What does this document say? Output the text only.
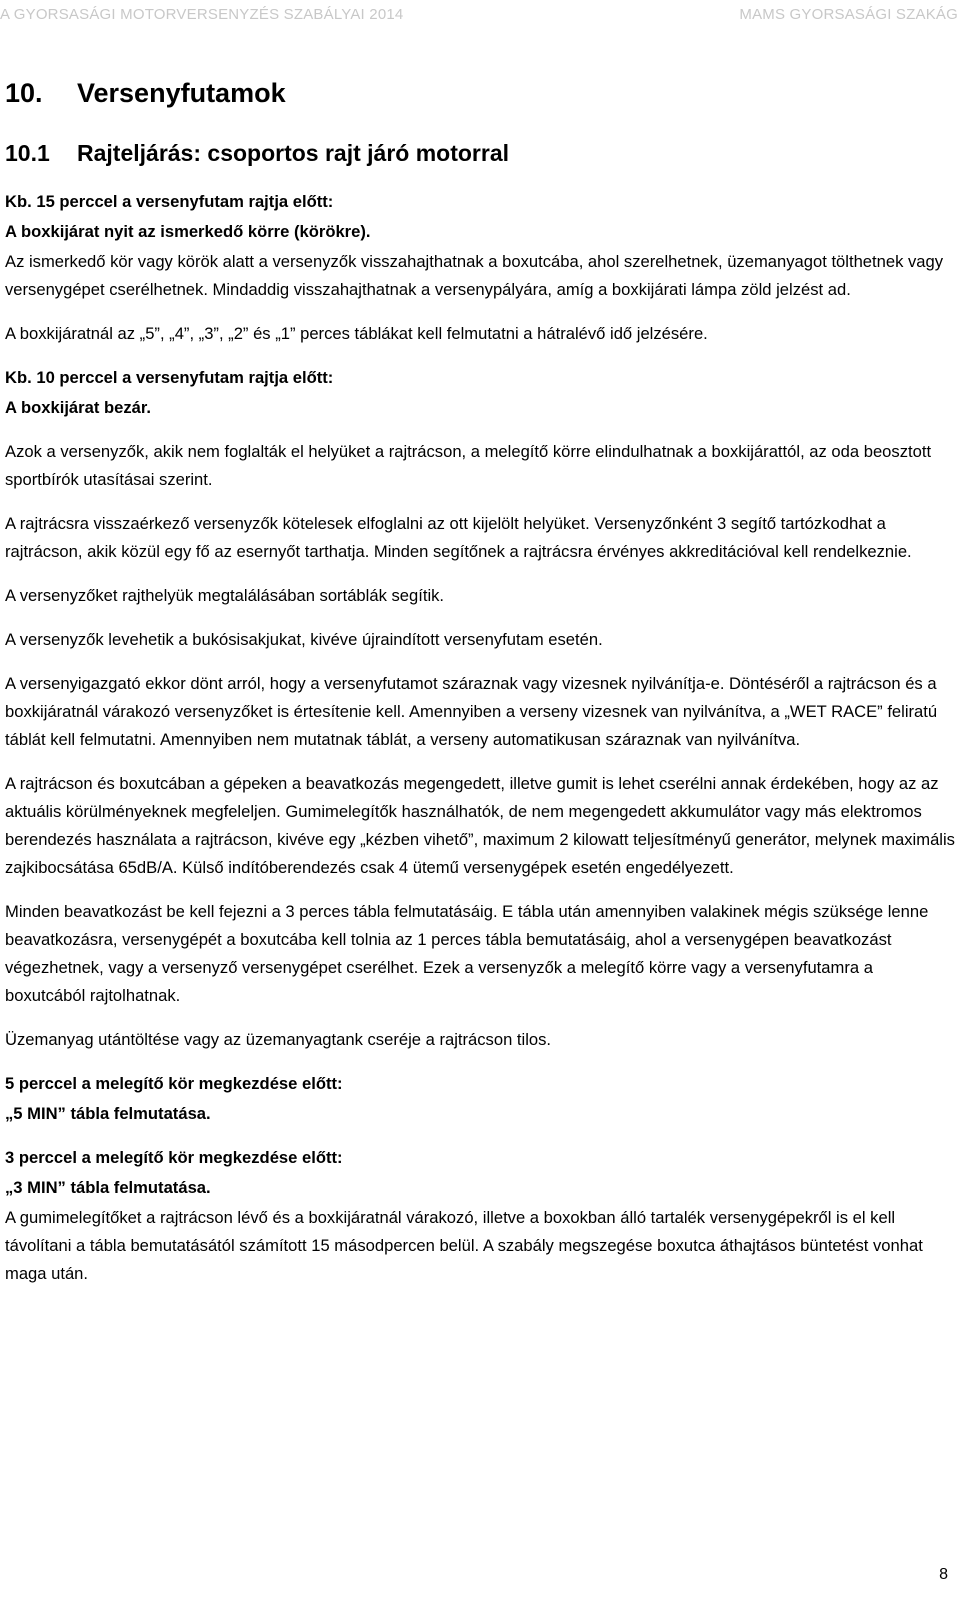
A GYORSASÁGI MOTORVERSENYZÉS SZABÁLYAI 2014	MAMS GYORSASÁGI SZAKÁG
10. Versenyfutamok
10.1 Rajteljárás: csoportos rajt járó motorral
Kb. 15 perccel a versenyfutam rajtja előtt:
A boxkijárat nyit az ismerkedő körre (körökre).
Az ismerkedő kör vagy körök alatt a versenyzők visszahajthatnak a boxutcába, ahol szerelhetnek, üzemanyagot tölthetnek vagy versenygépet cserélhetnek. Mindaddig visszahajthatnak a versenypályára, amíg a boxkijárati lámpa zöld jelzést ad.
A boxkijáratnál az „5”, „4”, „3”, „2” és „1” perces táblákat kell felmutatni a hátralévő idő jelzésére.
Kb. 10 perccel a versenyfutam rajtja előtt:
A boxkijárat bezár.
Azok a versenyzők, akik nem foglalták el helyüket a rajtrácson, a melegítő körre elindulhatnak a boxkijárattól, az oda beosztott sportbírók utasításai szerint.
A rajtrácsra visszaérkező versenyzők kötelesek elfoglalni az ott kijelölt helyüket. Versenyzőnként 3 segítő tartózkodhat a rajtrácson, akik közül egy fő az esernyőt tarthatja. Minden segítőnek a rajtrácsra érvényes akkreditációval kell rendelkeznie.
A versenyzőket rajthelyük megtalálásában sortáblák segítik.
A versenyzők levehetik a bukósisakjukat, kivéve újraindított versenyfutam esetén.
A versenyigazgató ekkor dönt arról, hogy a versenyfutamot száraznak vagy vizesnek nyilvánítja-e. Döntéséről a rajtrácson és a boxkijáratnál várakozó versenyzőket is értesítenie kell. Amennyiben a verseny vizesnek van nyilvánítva, a „WET RACE” feliratú táblát kell felmutatni. Amennyiben nem mutatnak táblát, a verseny automatikusan száraznak van nyilvánítva.
A rajtrácson és boxutcában a gépeken a beavatkozás megengedett, illetve gumit is lehet cserélni annak érdekében, hogy az az aktuális körülményeknek megfeleljen. Gumimelegítők használhatók, de nem megengedett akkumulátor vagy más elektromos berendezés használata a rajtrácson, kivéve egy „kézben vihető”, maximum 2 kilowatt teljesítményű generátor, melynek maximális zajkibocsátása 65dB/A. Külső indítóberendezés csak 4 ütemű versenygépek esetén engedélyezett.
Minden beavatkozást be kell fejezni a 3 perces tábla felmutatásáig. E tábla után amennyiben valakinek mégis szüksége lenne beavatkozásra, versenygépét a boxutcába kell tolnia az 1 perces tábla bemutatásáig, ahol a versenygépen beavatkozást végezhetnek, vagy a versenyző versenygépet cserélhet. Ezek a versenyzők a melegítő körre vagy a versenyfutamra a boxutcából rajtolhatnak.
Üzemanyag utántöltése vagy az üzemanyagtank cseréje a rajtrácson tilos.
5 perccel a melegítő kör megkezdése előtt:
„5 MIN” tábla felmutatása.
3 perccel a melegítő kör megkezdése előtt:
„3 MIN” tábla felmutatása.
A gumimelegítőket a rajtrácson lévő és a boxkijáratnál várakozó, illetve a boxokban álló tartalék versenygépekről is el kell távolítani a tábla bemutatásától számított 15 másodpercen belül. A szabály megszegése boxutca áthajtásos büntetést vonhat maga után.
8
